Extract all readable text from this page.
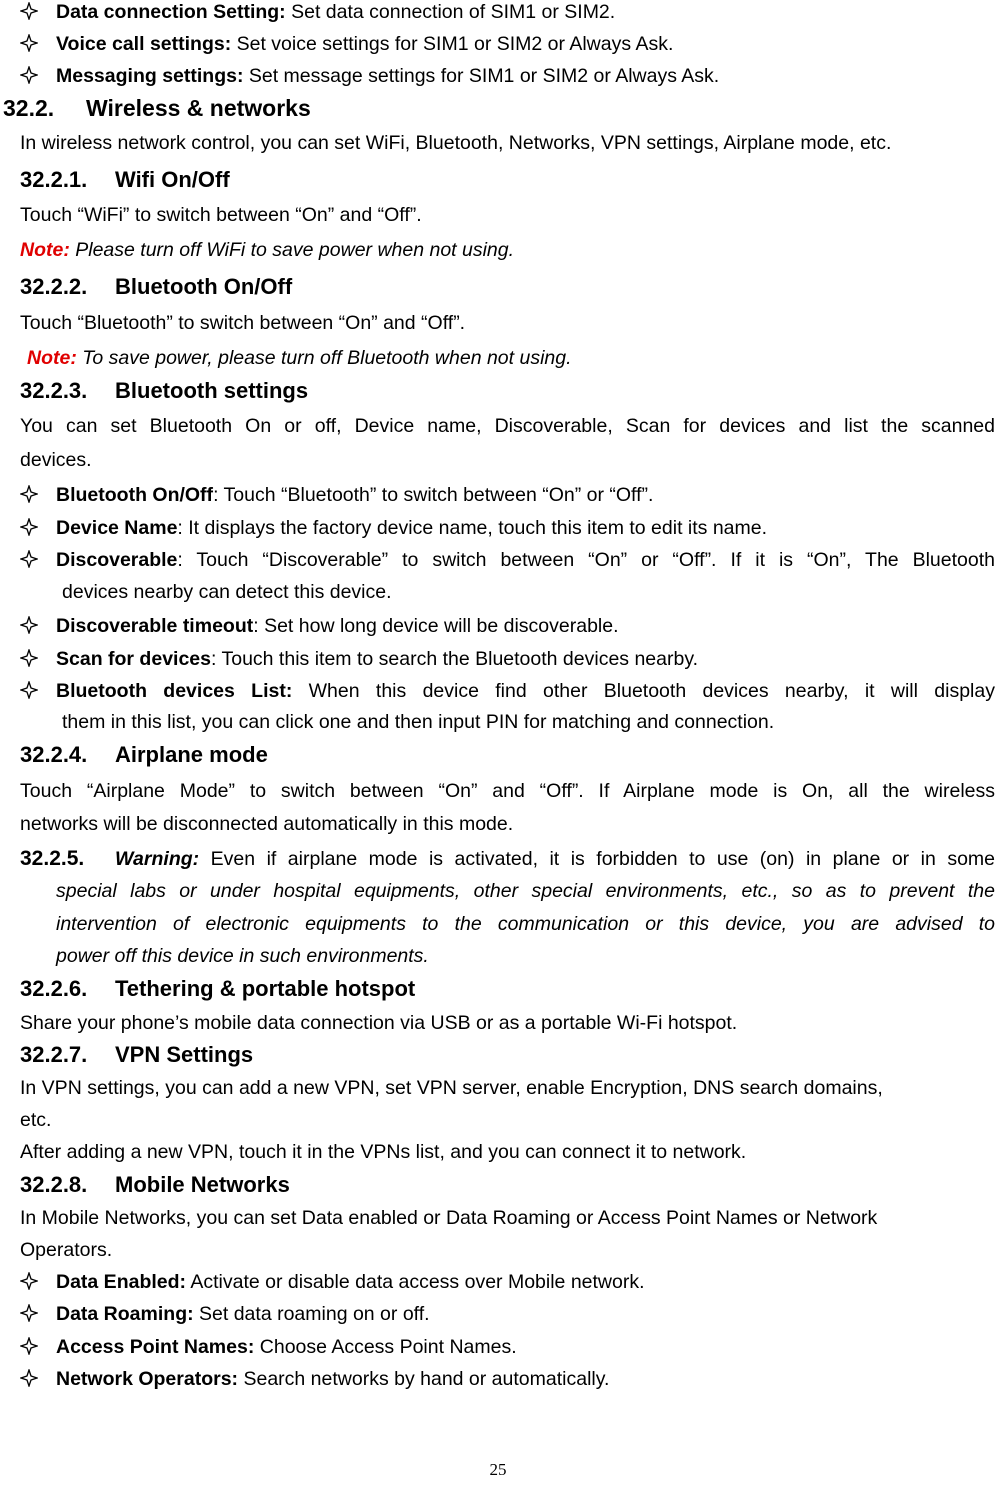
Data connection Setting: Set data connection of SIM1 or SIM2.
Voice call settings: Set voice settings for SIM1 or SIM2 or Always Ask.
Messaging settings: Set message settings for SIM1 or SIM2 or Always Ask.
32.2. Wireless & networks
In wireless network control, you can set WiFi, Bluetooth, Networks, VPN settings, Airplane mode, etc.
32.2.1. Wifi On/Off
Touch “WiFi” to switch between “On” and “Off”.
Note: Please turn off WiFi to save power when not using.
32.2.2. Bluetooth On/Off
Touch “Bluetooth” to switch between “On” and “Off”.
Note: To save power, please turn off Bluetooth when not using.
32.2.3. Bluetooth settings
You can set Bluetooth On or off, Device name, Discoverable, Scan for devices and list the scanned
devices.
Bluetooth On/Off: Touch “Bluetooth” to switch between “On” or “Off”.
Device Name: It displays the factory device name, touch this item to edit its name.
Discoverable: Touch “Discoverable” to switch between “On” or “Off”. If it is “On”, The Bluetooth
devices nearby can detect this device.
Discoverable timeout: Set how long device will be discoverable.
Scan for devices: Touch this item to search the Bluetooth devices nearby.
Bluetooth devices List: When this device find other Bluetooth devices nearby, it will display
them in this list, you can click one and then input PIN for matching and connection.
32.2.4. Airplane mode
Touch “Airplane Mode” to switch between “On” and “Off”. If Airplane mode is On, all the wireless
networks will be disconnected automatically in this mode.
32.2.5. Warning: Even if airplane mode is activated, it is forbidden to use (on) in plane or in some
special labs or under hospital equipments, other special environments, etc., so as to prevent the
intervention of electronic equipments to the communication or this device, you are advised to
power off this device in such environments.
32.2.6. Tethering & portable hotspot
Share your phone’s mobile data connection via USB or as a portable Wi-Fi hotspot.
32.2.7. VPN Settings
In VPN settings, you can add a new VPN, set VPN server, enable Encryption, DNS search domains,
etc.
After adding a new VPN, touch it in the VPNs list, and you can connect it to network.
32.2.8. Mobile Networks
In Mobile Networks, you can set Data enabled or Data Roaming or Access Point Names or Network
Operators.
Data Enabled: Activate or disable data access over Mobile network.
Data Roaming: Set data roaming on or off.
Access Point Names: Choose Access Point Names.
Network Operators: Search networks by hand or automatically.
25
